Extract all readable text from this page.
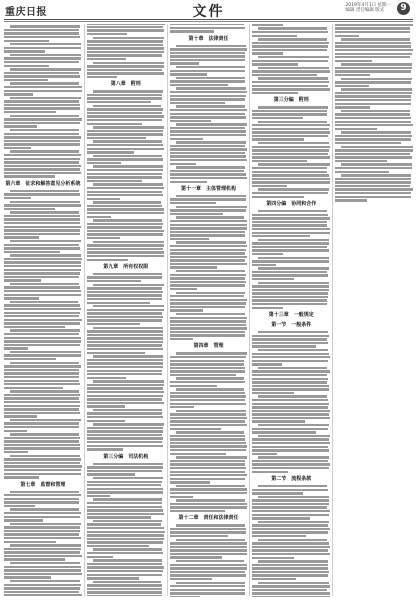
重庆日报	文件	2019年4月1日 星期一
编辑 责任编辑 版式	9

第六章　征求和解答意见分析系统

第七章　监督和管理

第八章　附则

第九章　所有权权限

第三分编　司法机构

第十章　法律责任

第十一章　主体管理机构

第四章　管理

第十二章　责任和法律责任

第三分编　附则

第四分编　协同和合作

第十三章　一般规定
第一节　一般条件

第二节　流程条款
